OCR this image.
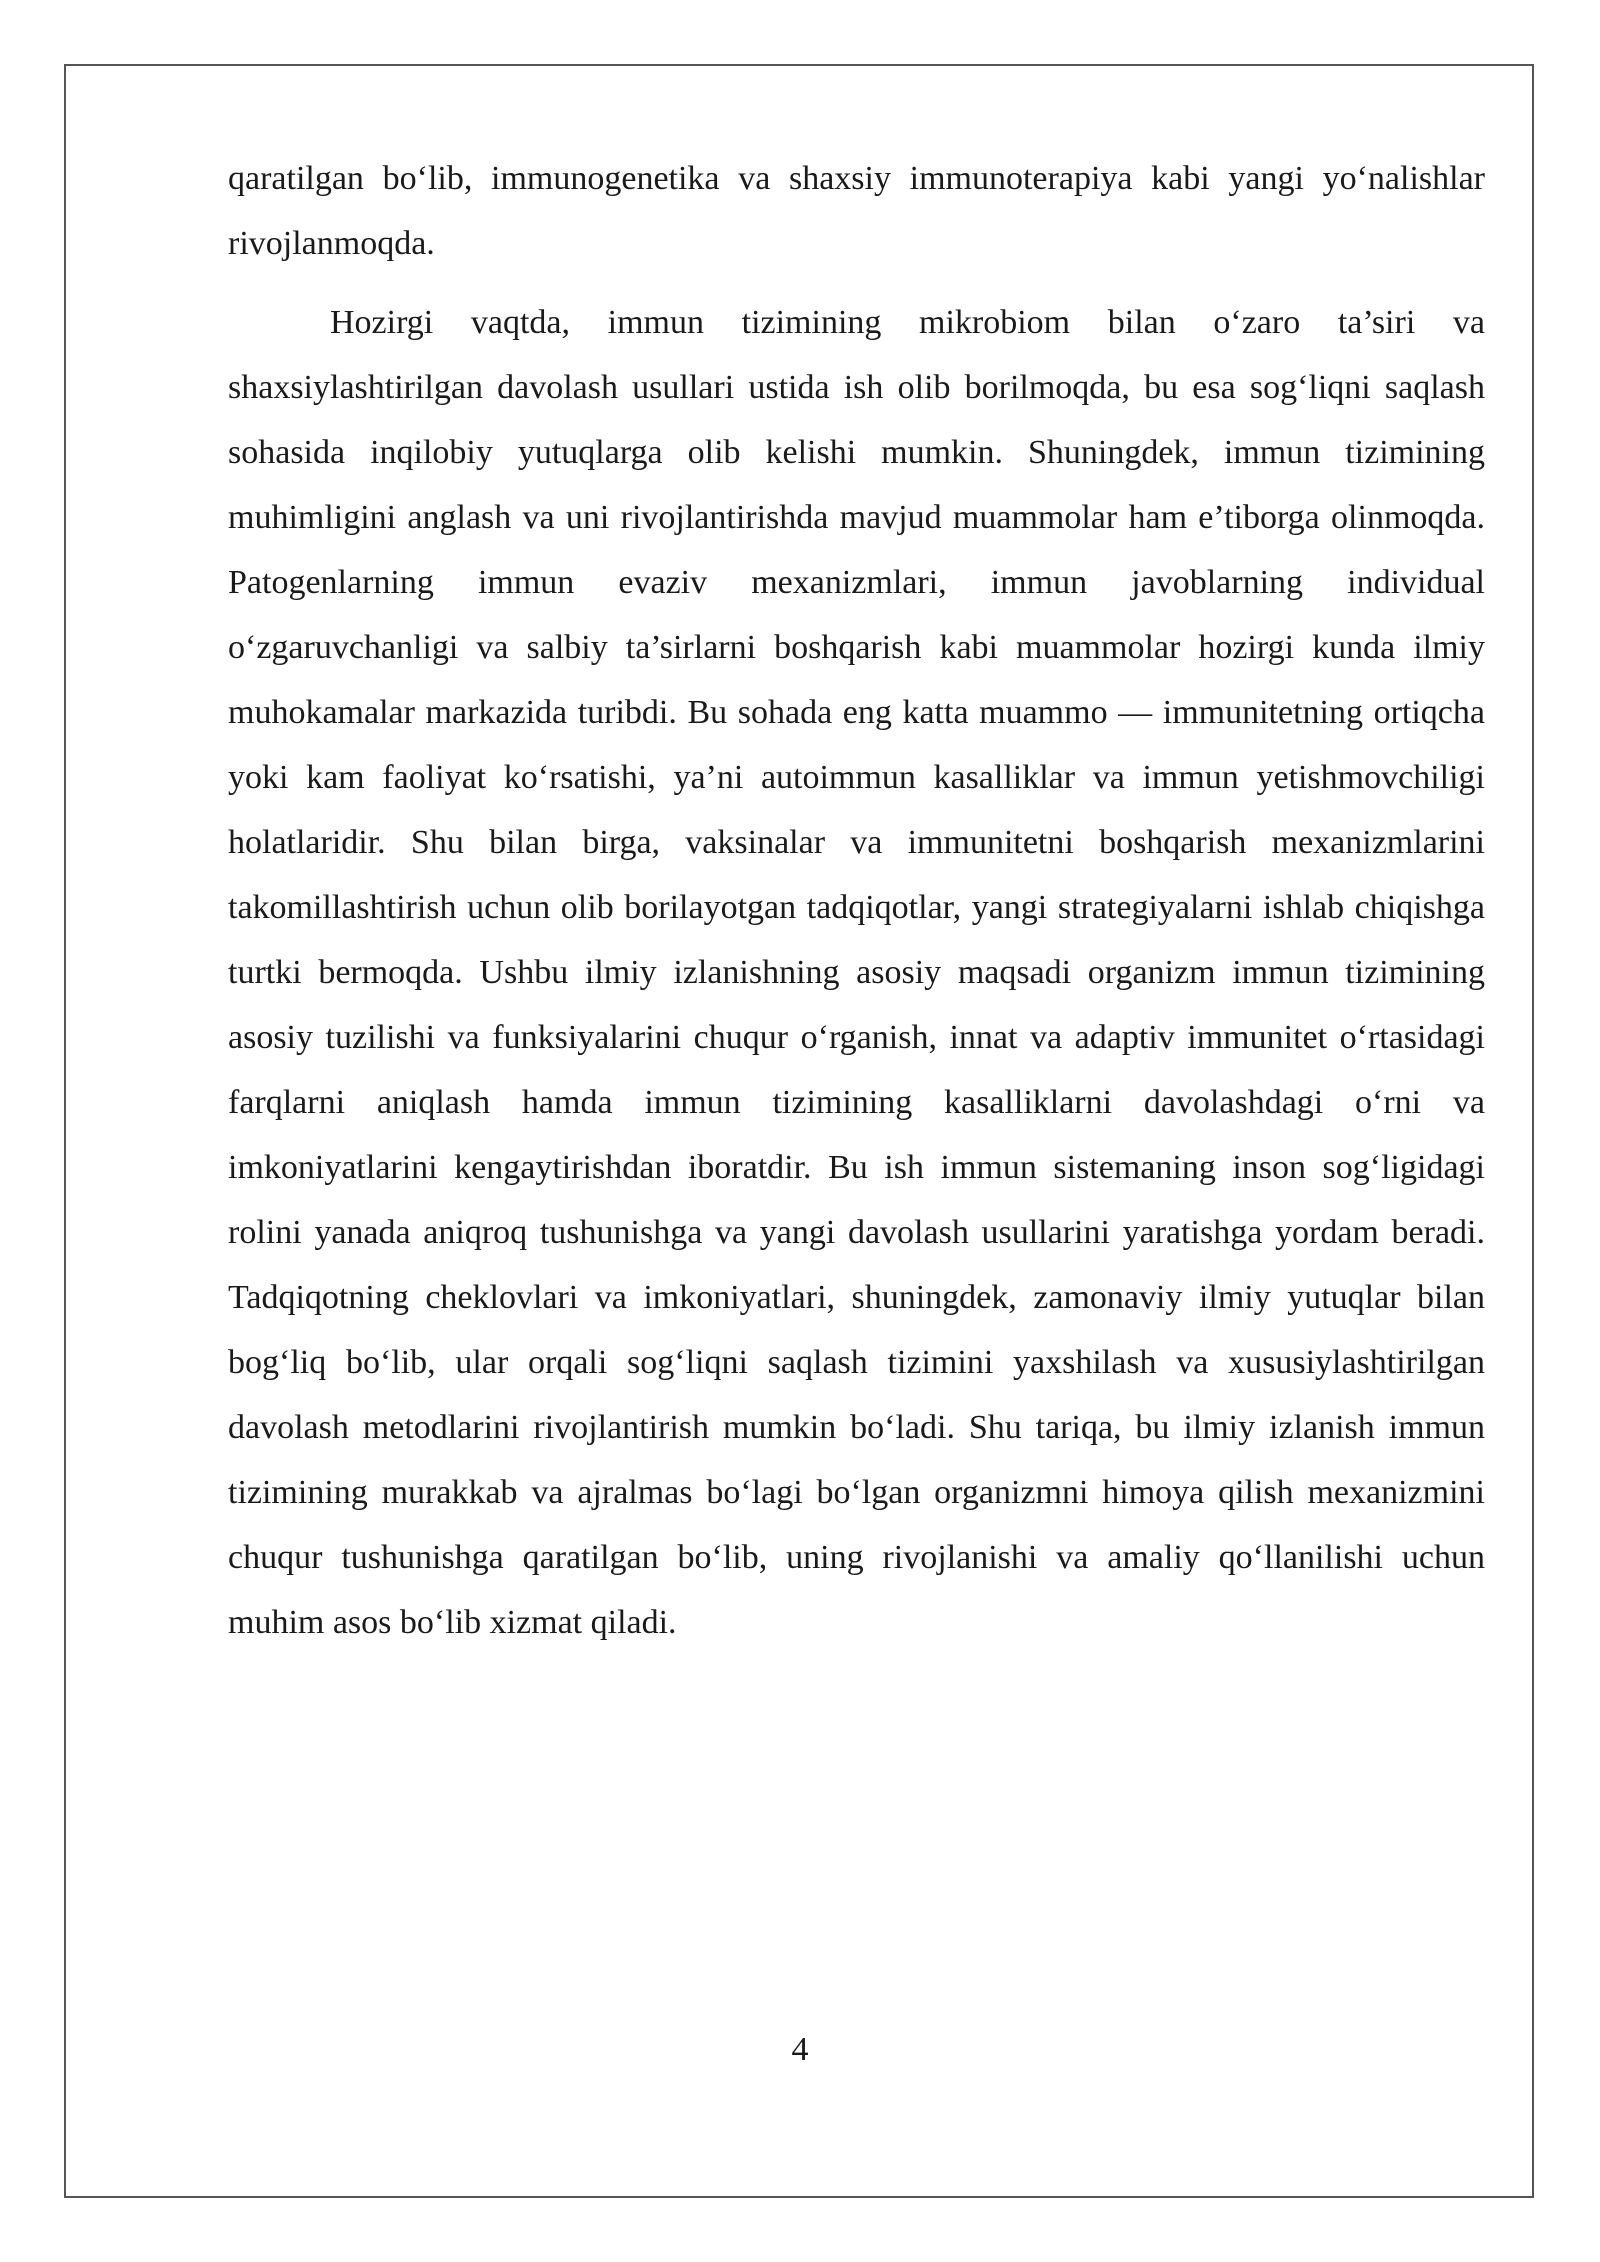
qaratilgan bo‘lib, immunogenetika va shaxsiy immunoterapiya kabi yangi yo‘nalishlar rivojlanmoqda.

Hozirgi vaqtda, immun tizimining mikrobiom bilan o‘zaro ta’siri va shaxsiylashtirilgan davolash usullari ustida ish olib borilmoqda, bu esa sog‘liqni saqlash sohasida inqilobiy yutuqlarga olib kelishi mumkin. Shuningdek, immun tizimining muhimligini anglash va uni rivojlantirishda mavjud muammolar ham e’tiborga olinmoqda. Patogenlarning immun evaziv mexanizmlari, immun javoblarning individual o‘zgaruvchanligi va salbiy ta’sirlarni boshqarish kabi muammolar hozirgi kunda ilmiy muhokamalar markazida turibdi. Bu sohada eng katta muammo — immunitetning ortiqcha yoki kam faoliyat ko‘rsatishi, ya’ni autoimmun kasalliklar va immun yetishmovchiligi holatlaridir. Shu bilan birga, vaksinalar va immunitetni boshqarish mexanizmlarini takomillashtirish uchun olib borilayotgan tadqiqotlar, yangi strategiyalarni ishlab chiqishga turtki bermoqda. Ushbu ilmiy izlanishning asosiy maqsadi organizm immun tizimining asosiy tuzilishi va funksiyalarini chuqur o‘rganish, innat va adaptiv immunitet o‘rtasidagi farqlarni aniqlash hamda immun tizimining kasalliklarni davolashdagi o‘rni va imkoniyatlarini kengaytirishdan iboratdir. Bu ish immun sistemaning inson sog‘ligidagi rolini yanada aniqroq tushunishga va yangi davolash usullarini yaratishga yordam beradi. Tadqiqotning cheklovlari va imkoniyatlari, shuningdek, zamonaviy ilmiy yutuqlar bilan bog‘liq bo‘lib, ular orqali sog‘liqni saqlash tizimini yaxshilash va xususiylashtirilgan davolash metodlarini rivojlantirish mumkin bo‘ladi. Shu tariqa, bu ilmiy izlanish immun tizimining murakkab va ajralmas bo‘lagi bo‘lgan organizmni himoya qilish mexanizmini chuqur tushunishga qaratilgan bo‘lib, uning rivojlanishi va amaliy qo‘llanilishi uchun muhim asos bo‘lib xizmat qiladi.

4
